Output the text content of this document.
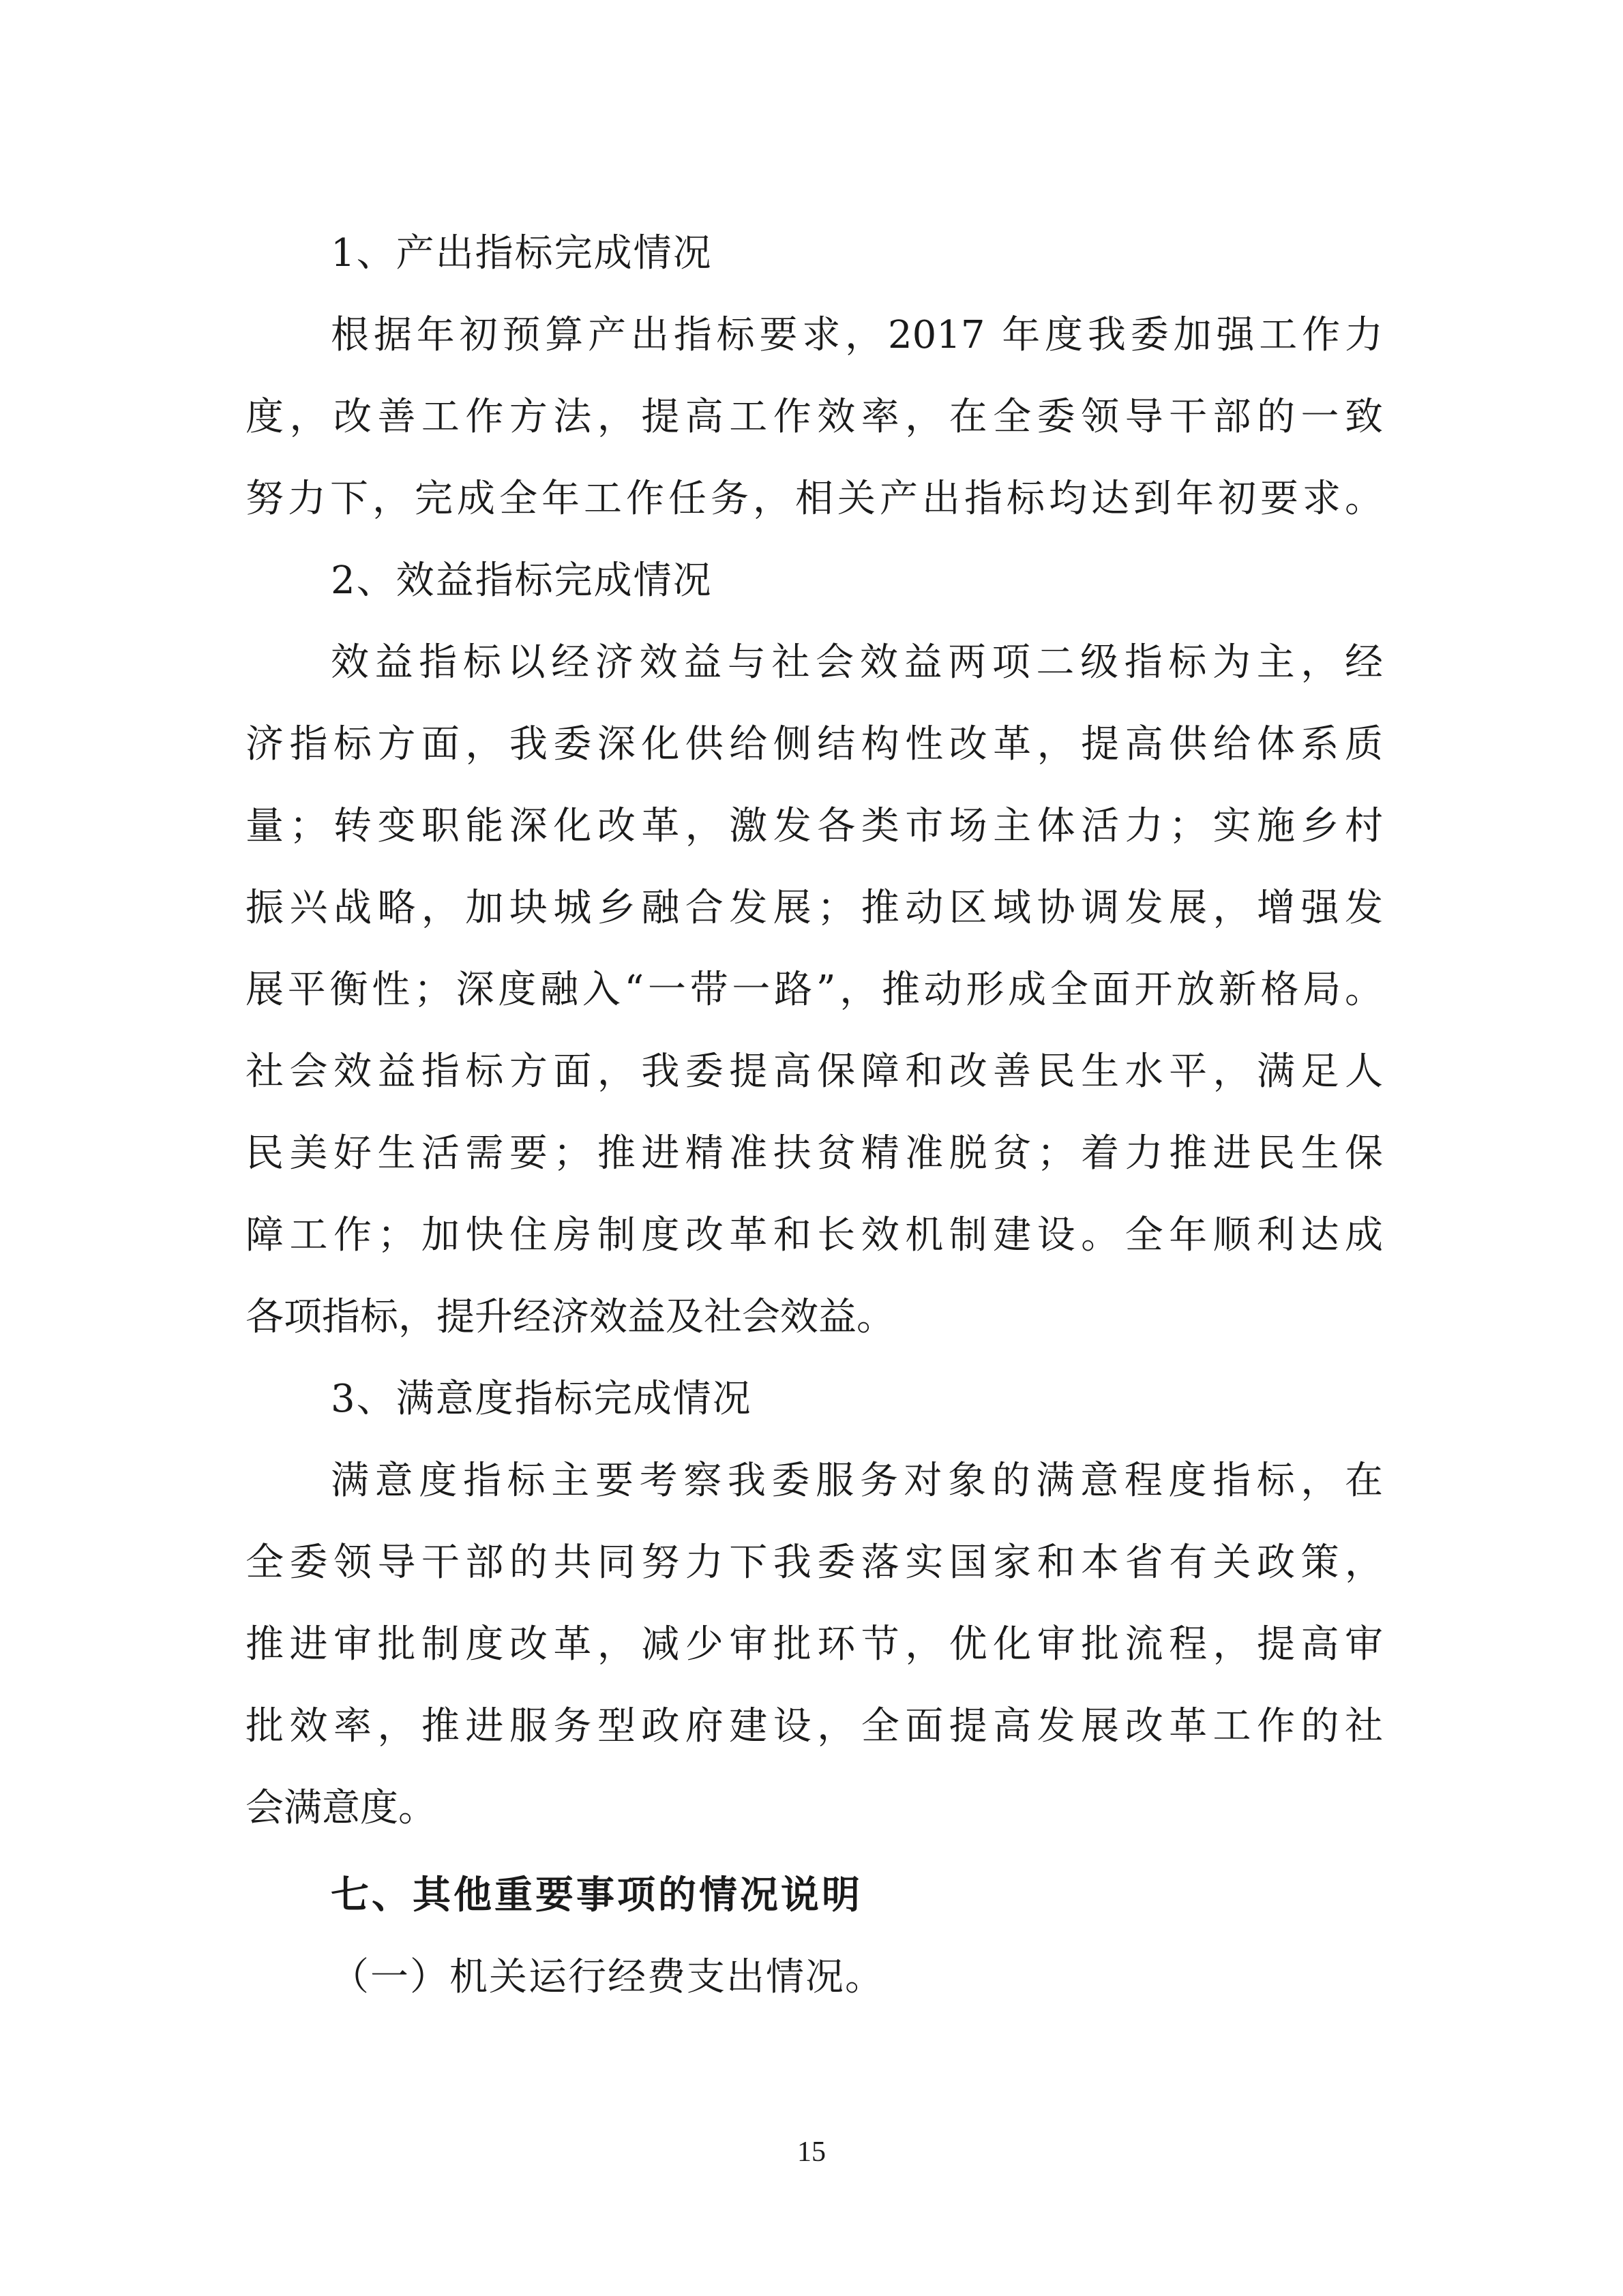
1、产出指标完成情况
根据年初预算产出指标要求，2017 年度我委加强工作力
度，改善工作方法，提高工作效率，在全委领导干部的一致
努力下，完成全年工作任务，相关产出指标均达到年初要求。
2、效益指标完成情况
效益指标以经济效益与社会效益两项二级指标为主，经
济指标方面，我委深化供给侧结构性改革，提高供给体系质
量；转变职能深化改革，激发各类市场主体活力；实施乡村
振兴战略，加块城乡融合发展；推动区域协调发展，增强发
展平衡性；深度融入“一带一路”，推动形成全面开放新格局。
社会效益指标方面，我委提高保障和改善民生水平，满足人
民美好生活需要；推进精准扶贫精准脱贫；着力推进民生保
障工作；加快住房制度改革和长效机制建设。全年顺利达成
各项指标，提升经济效益及社会效益。
3、满意度指标完成情况
满意度指标主要考察我委服务对象的满意程度指标，在
全委领导干部的共同努力下我委落实国家和本省有关政策，
推进审批制度改革，减少审批环节，优化审批流程，提高审
批效率，推进服务型政府建设，全面提高发展改革工作的社
会满意度。
七、其他重要事项的情况说明
（一）机关运行经费支出情况。
15
